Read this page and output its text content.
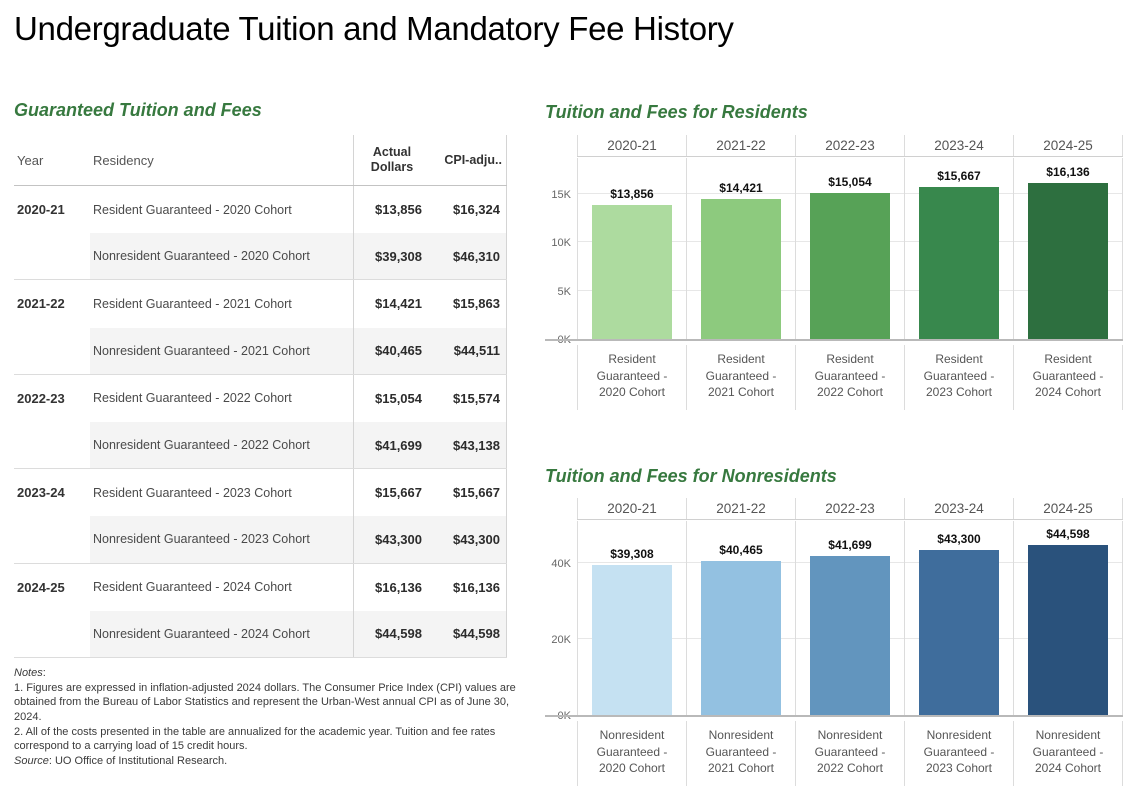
Undergraduate Tuition and Mandatory Fee History
Guaranteed Tuition and Fees
Year	Residency
Actual Dollars	CPI-adju..
2020-21	Resident Guaranteed - 2020 Cohort	$13,856	$16,324
Nonresident Guaranteed - 2020 Cohort	$39,308	$46,310
2021-22	Resident Guaranteed - 2021 Cohort	$14,421	$15,863
Nonresident Guaranteed - 2021 Cohort	$40,465	$44,511
2022-23	Resident Guaranteed - 2022 Cohort	$15,054	$15,574
Nonresident Guaranteed - 2022 Cohort	$41,699	$43,138
2023-24	Resident Guaranteed - 2023 Cohort	$15,667	$15,667
Nonresident Guaranteed - 2023 Cohort	$43,300	$43,300
2024-25	Resident Guaranteed - 2024 Cohort	$16,136	$16,136
Nonresident Guaranteed - 2024 Cohort	$44,598	$44,598
Notes:
1. Figures are expressed in inflation-adjusted 2024 dollars. The Consumer Price Index (CPI) values are obtained from the Bureau of Labor Statistics and represent the Urban-West annual CPI as of June 30, 2024.
2. All of the costs presented in the table are annualized for the academic year. Tuition and fee rates correspond to a carrying load of 15 credit hours.
Source: UO Office of Institutional Research.
Tuition and Fees for Residents
2020-21	2021-22	2022-23	2023-24	2024-25
15K
10K
5K
$13,856	$14,421	$15,054	$15,667	$16,136
Resident Guaranteed - 2020 Cohort
Resident Guaranteed - 2021 Cohort
Resident Guaranteed - 2022 Cohort
Resident Guaranteed - 2023 Cohort
Resident Guaranteed - 2024 Cohort
Tuition and Fees for Nonresidents
2020-21	2021-22	2022-23	2023-24	2024-25
40K
20K
$39,308	$40,465	$41,699	$43,300	$44,598
Nonresident Guaranteed - 2020 Cohort
Nonresident Guaranteed - 2021 Cohort
Nonresident Guaranteed - 2022 Cohort
Nonresident Guaranteed - 2023 Cohort
Nonresident Guaranteed - 2024 Cohort
